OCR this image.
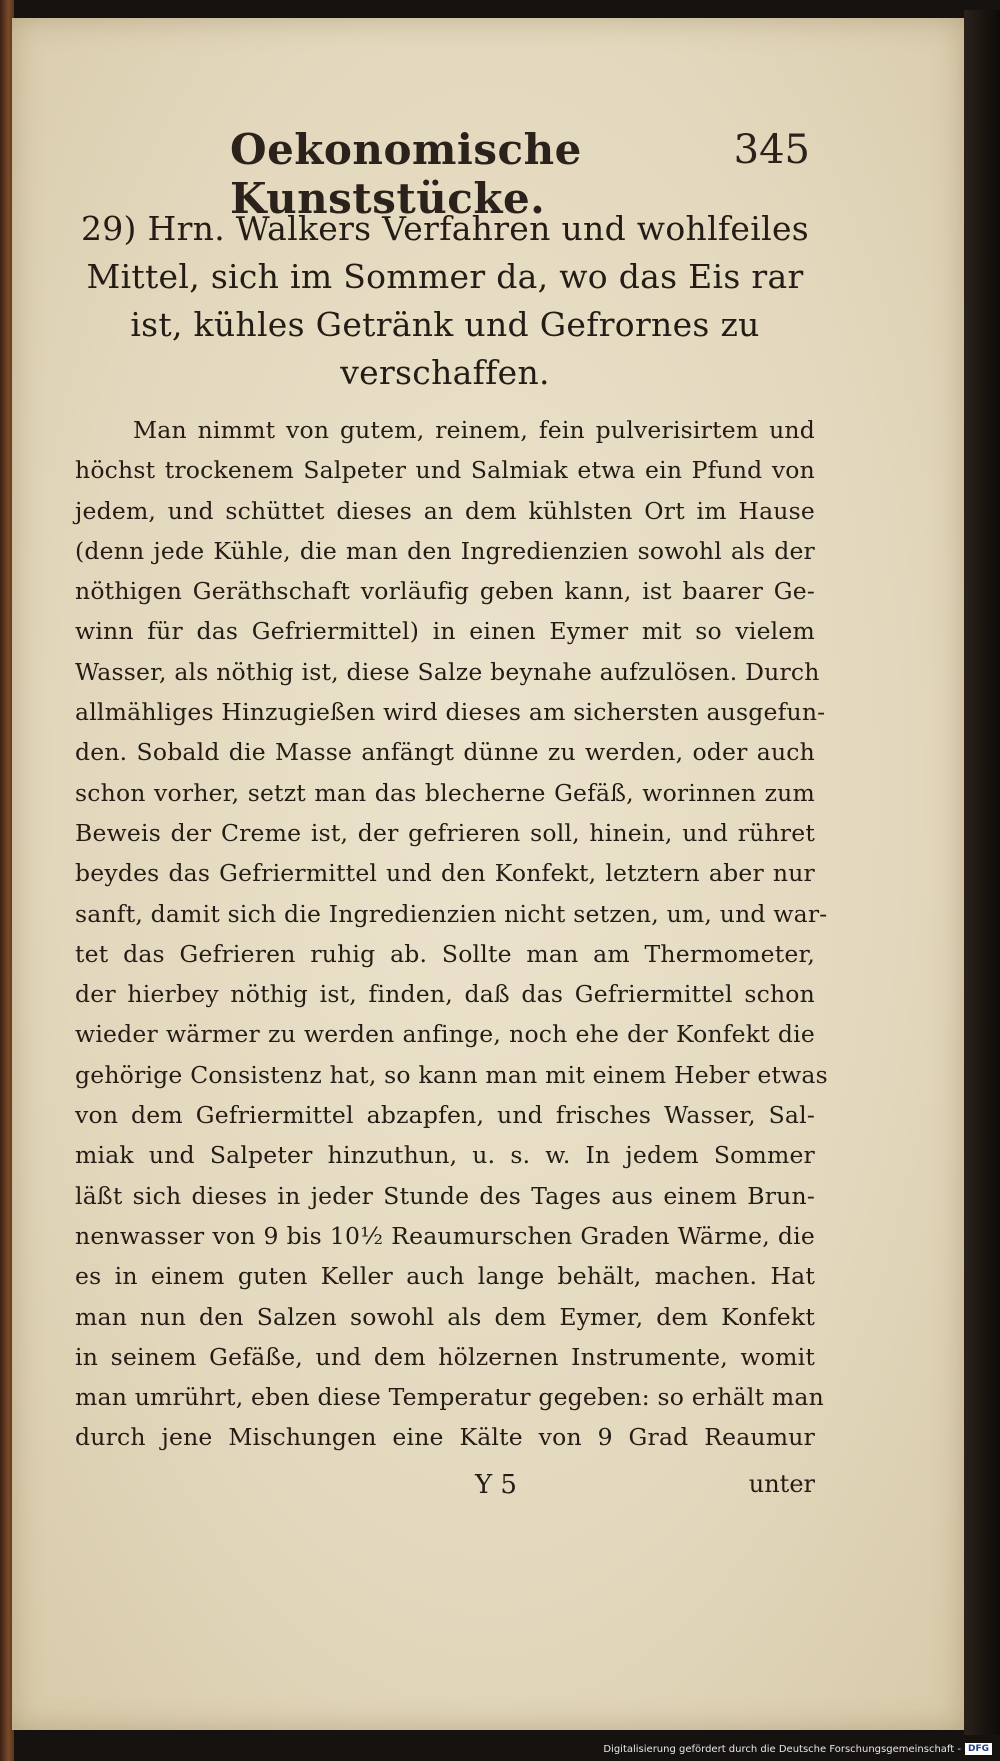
Oekonomische Kunststücke.
345
29) Hrn. Walkers Verfahren und wohlfeiles
Mittel, sich im Sommer da, wo das Eis rar
ist, kühles Getränk und Gefrornes zu
verschaffen.
Man nimmt von gutem, reinem, fein pulverisirtem und
höchst trockenem Salpeter und Salmiak etwa ein Pfund von
jedem, und schüttet dieses an dem kühlsten Ort im Hause
(denn jede Kühle, die man den Ingredienzien sowohl als der
nöthigen Geräthschaft vorläufig geben kann, ist baarer Ge-
winn für das Gefriermittel) in einen Eymer mit so vielem
Wasser, als nöthig ist, diese Salze beynahe aufzulösen. Durch
allmähliges Hinzugießen wird dieses am sichersten ausgefun-
den. Sobald die Masse anfängt dünne zu werden, oder auch
schon vorher, setzt man das blecherne Gefäß, worinnen zum
Beweis der Creme ist, der gefrieren soll, hinein, und rühret
beydes das Gefriermittel und den Konfekt, letztern aber nur
sanft, damit sich die Ingredienzien nicht setzen, um, und war-
tet das Gefrieren ruhig ab. Sollte man am Thermometer,
der hierbey nöthig ist, finden, daß das Gefriermittel schon
wieder wärmer zu werden anfinge, noch ehe der Konfekt die
gehörige Consistenz hat, so kann man mit einem Heber etwas
von dem Gefriermittel abzapfen, und frisches Wasser, Sal-
miak und Salpeter hinzuthun, u. s. w. In jedem Sommer
läßt sich dieses in jeder Stunde des Tages aus einem Brun-
nenwasser von 9 bis 10½ Reaumurschen Graden Wärme, die
es in einem guten Keller auch lange behält, machen. Hat
man nun den Salzen sowohl als dem Eymer, dem Konfekt
in seinem Gefäße, und dem hölzernen Instrumente, womit
man umrührt, eben diese Temperatur gegeben: so erhält man
durch jene Mischungen eine Kälte von 9 Grad Reaumur
Y 5	unter
Digitalisierung gefördert durch die Deutsche Forschungsgemeinschaft - DFG
